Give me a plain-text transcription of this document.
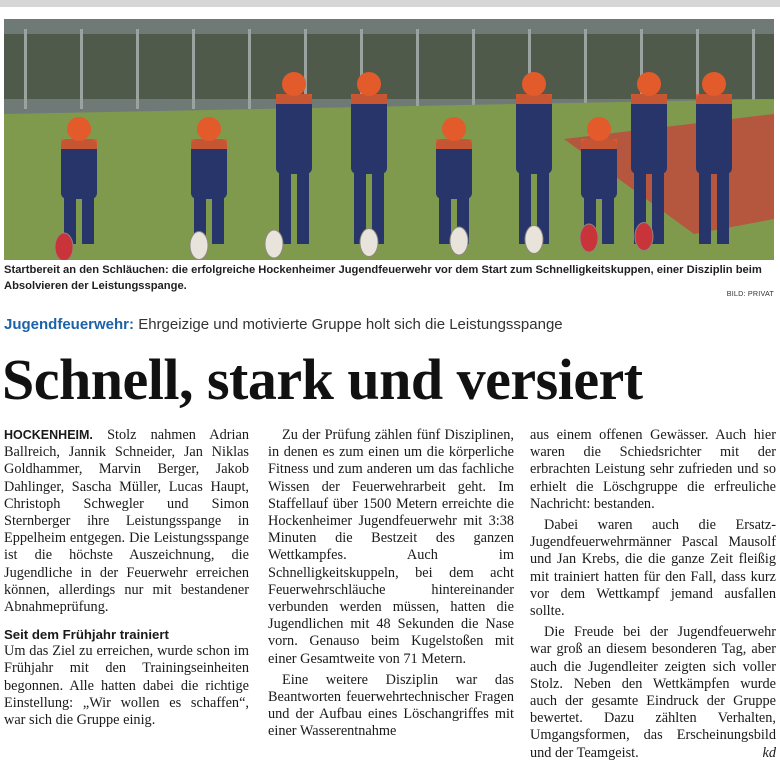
Startbereit an den Schläuchen: die erfolgreiche Hockenheimer Jugendfeuerwehr vor dem Start zum Schnelligkeitskuppen, einer Disziplin beim Absolvieren der Leistungsspange.
BILD: PRIVAT
Jugendfeuerwehr: Ehrgeizige und motivierte Gruppe holt sich die Leistungsspange
Schnell, stark und versiert

HOCKENHEIM. Stolz nahmen Adrian Ballreich, Jannik Schneider, Jan Niklas Goldhammer, Marvin Berger, Jakob Dahlinger, Sascha Müller, Lucas Haupt, Christoph Schwegler und Simon Sternberger ihre Leistungsspange in Eppelheim entgegen. Die Leistungsspange ist die höchste Auszeichnung, die Jugendliche in der Feuerwehr erreichen können, allerdings nur mit bestandener Abnahmeprüfung.

Seit dem Frühjahr trainiert

Um das Ziel zu erreichen, wurde schon im Frühjahr mit den Trainingseinheiten begonnen. Alle hatten dabei die richtige Einstellung: „Wir wollen es schaffen“, war sich die Gruppe einig.

Zu der Prüfung zählen fünf Disziplinen, in denen es zum einen um die körperliche Fitness und zum anderen um das fachliche Wissen der Feuerwehrarbeit geht. Im Staffellauf über 1500 Metern erreichte die Hockenheimer Jugendfeuerwehr mit 3:38 Minuten die Bestzeit des ganzen Wettkampfes. Auch im Schnelligkeitskuppeln, bei dem acht Feuerwehrschläuche hintereinander verbunden werden müssen, hatten die Jugendlichen mit 48 Sekunden die Nase vorn. Genauso beim Kugelstoßen mit einer Gesamtweite von 71 Metern.

Eine weitere Disziplin war das Beantworten feuerwehrtechnischer Fragen und der Aufbau eines Löschangriffes mit einer Wasserentnahme

aus einem offenen Gewässer. Auch hier waren die Schiedsrichter mit der erbrachten Leistung sehr zufrieden und so erhielt die Löschgruppe die erfreuliche Nachricht: bestanden.

Dabei waren auch die Ersatz-Jugendfeuerwehrmänner Pascal Mausolf und Jan Krebs, die die ganze Zeit fleißig mit trainiert hatten für den Fall, dass kurz vor dem Wettkampf jemand ausfallen sollte.

Die Freude bei der Jugendfeuerwehr war groß an diesem besonderen Tag, aber auch die Jugendleiter zeigten sich voller Stolz. Neben den Wettkämpfen wurde auch der gesamte Eindruck der Gruppe bewertet. Dazu zählten Verhalten, Umgangsformen, das Erscheinungsbild und der Teamgeist.	kd
